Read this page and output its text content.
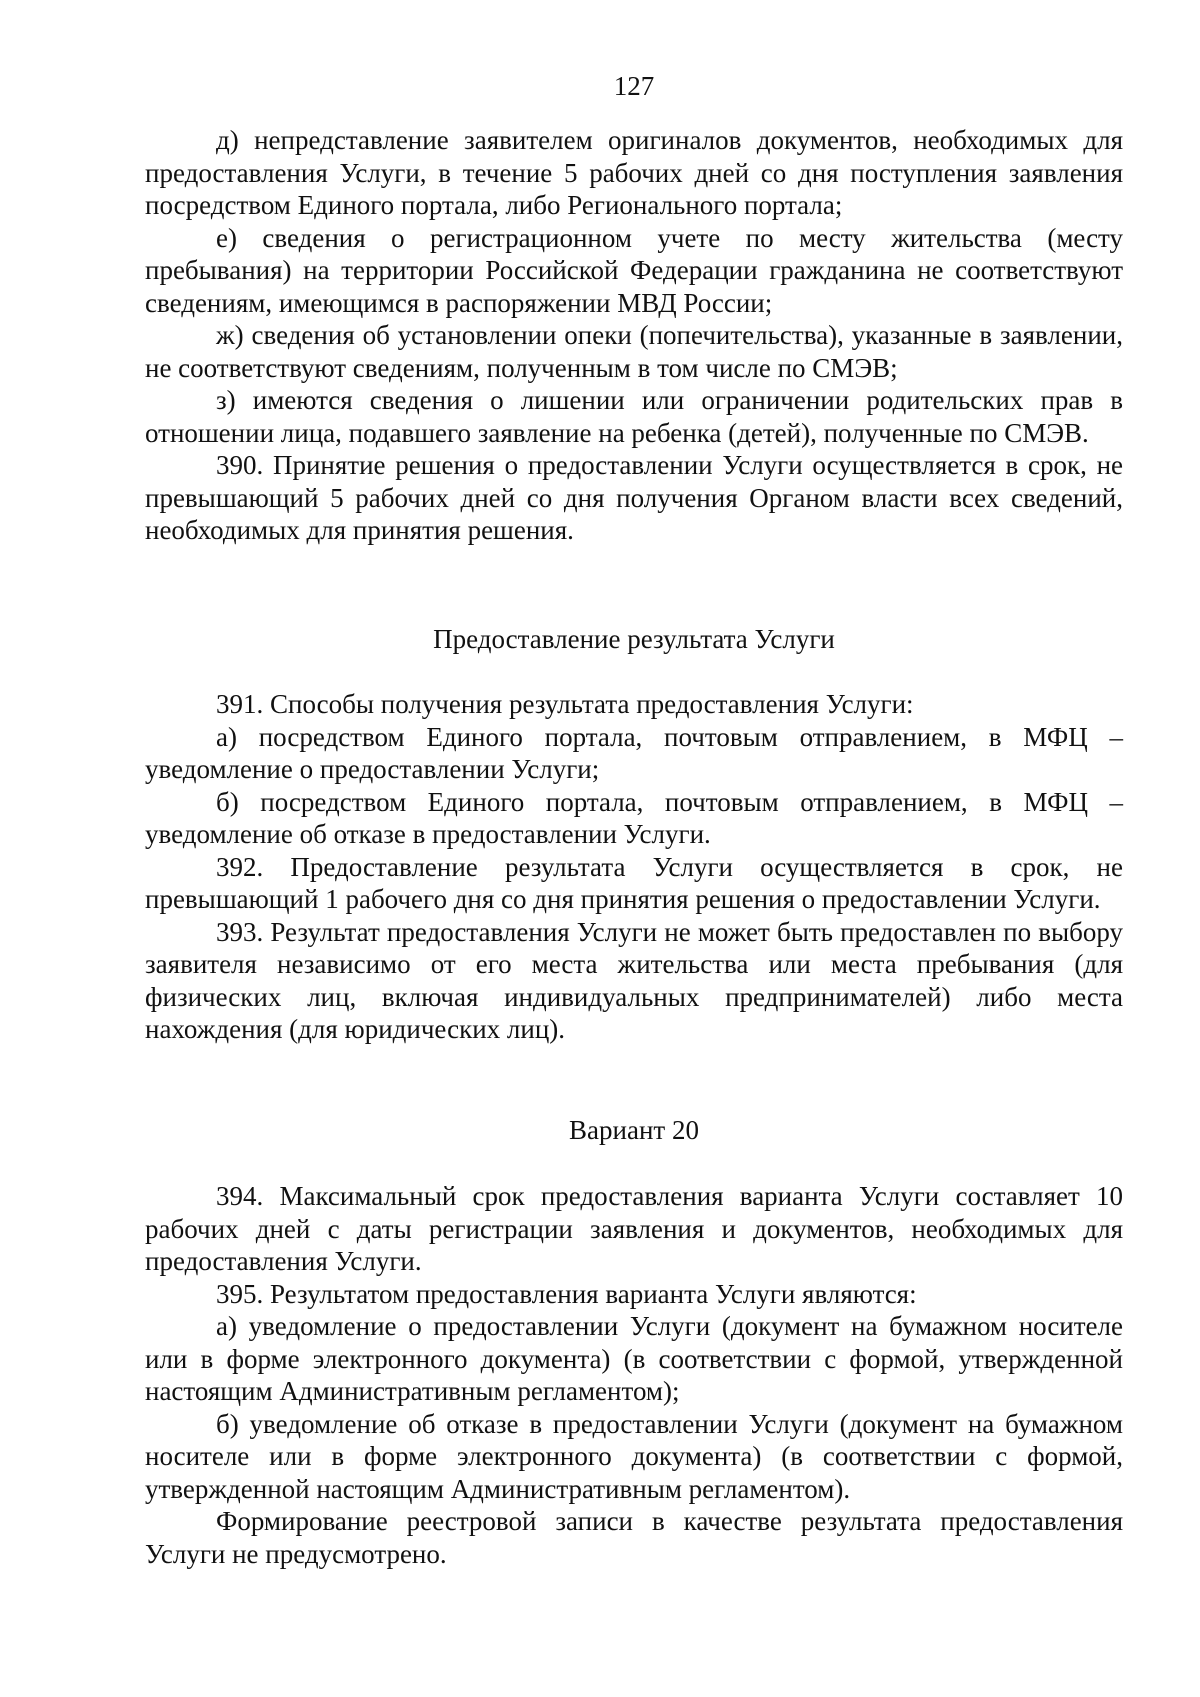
127

д) непредставление заявителем оригиналов документов, необходимых для предоставления Услуги, в течение 5 рабочих дней со дня поступления заявления посредством Единого портала, либо Регионального портала;

е) сведения о регистрационном учете по месту жительства (месту пребывания) на территории Российской Федерации гражданина не соответствуют сведениям, имеющимся в распоряжении МВД России;

ж) сведения об установлении опеки (попечительства), указанные в заявлении, не соответствуют сведениям, полученным в том числе по СМЭВ;

з) имеются сведения о лишении или ограничении родительских прав в отношении лица, подавшего заявление на ребенка (детей), полученные по СМЭВ.

390. Принятие решения о предоставлении Услуги осуществляется в срок, не превышающий 5 рабочих дней со дня получения Органом власти всех сведений, необходимых для принятия решения.

Предоставление результата Услуги

391. Способы получения результата предоставления Услуги:

а) посредством Единого портала, почтовым отправлением, в МФЦ – уведомление о предоставлении Услуги;

б) посредством Единого портала, почтовым отправлением, в МФЦ – уведомление об отказе в предоставлении Услуги.

392. Предоставление результата Услуги осуществляется в срок, не превышающий 1 рабочего дня со дня принятия решения о предоставлении Услуги.

393. Результат предоставления Услуги не может быть предоставлен по выбору заявителя независимо от его места жительства или места пребывания (для физических лиц, включая индивидуальных предпринимателей) либо места нахождения (для юридических лиц).

Вариант 20

394. Максимальный срок предоставления варианта Услуги составляет 10 рабочих дней с даты регистрации заявления и документов, необходимых для предоставления Услуги.

395. Результатом предоставления варианта Услуги являются:

а) уведомление о предоставлении Услуги (документ на бумажном носителе или в форме электронного документа) (в соответствии с формой, утвержденной настоящим Административным регламентом);

б) уведомление об отказе в предоставлении Услуги (документ на бумажном носителе или в форме электронного документа) (в соответствии с формой, утвержденной настоящим Административным регламентом).

Формирование реестровой записи в качестве результата предоставления Услуги не предусмотрено.
